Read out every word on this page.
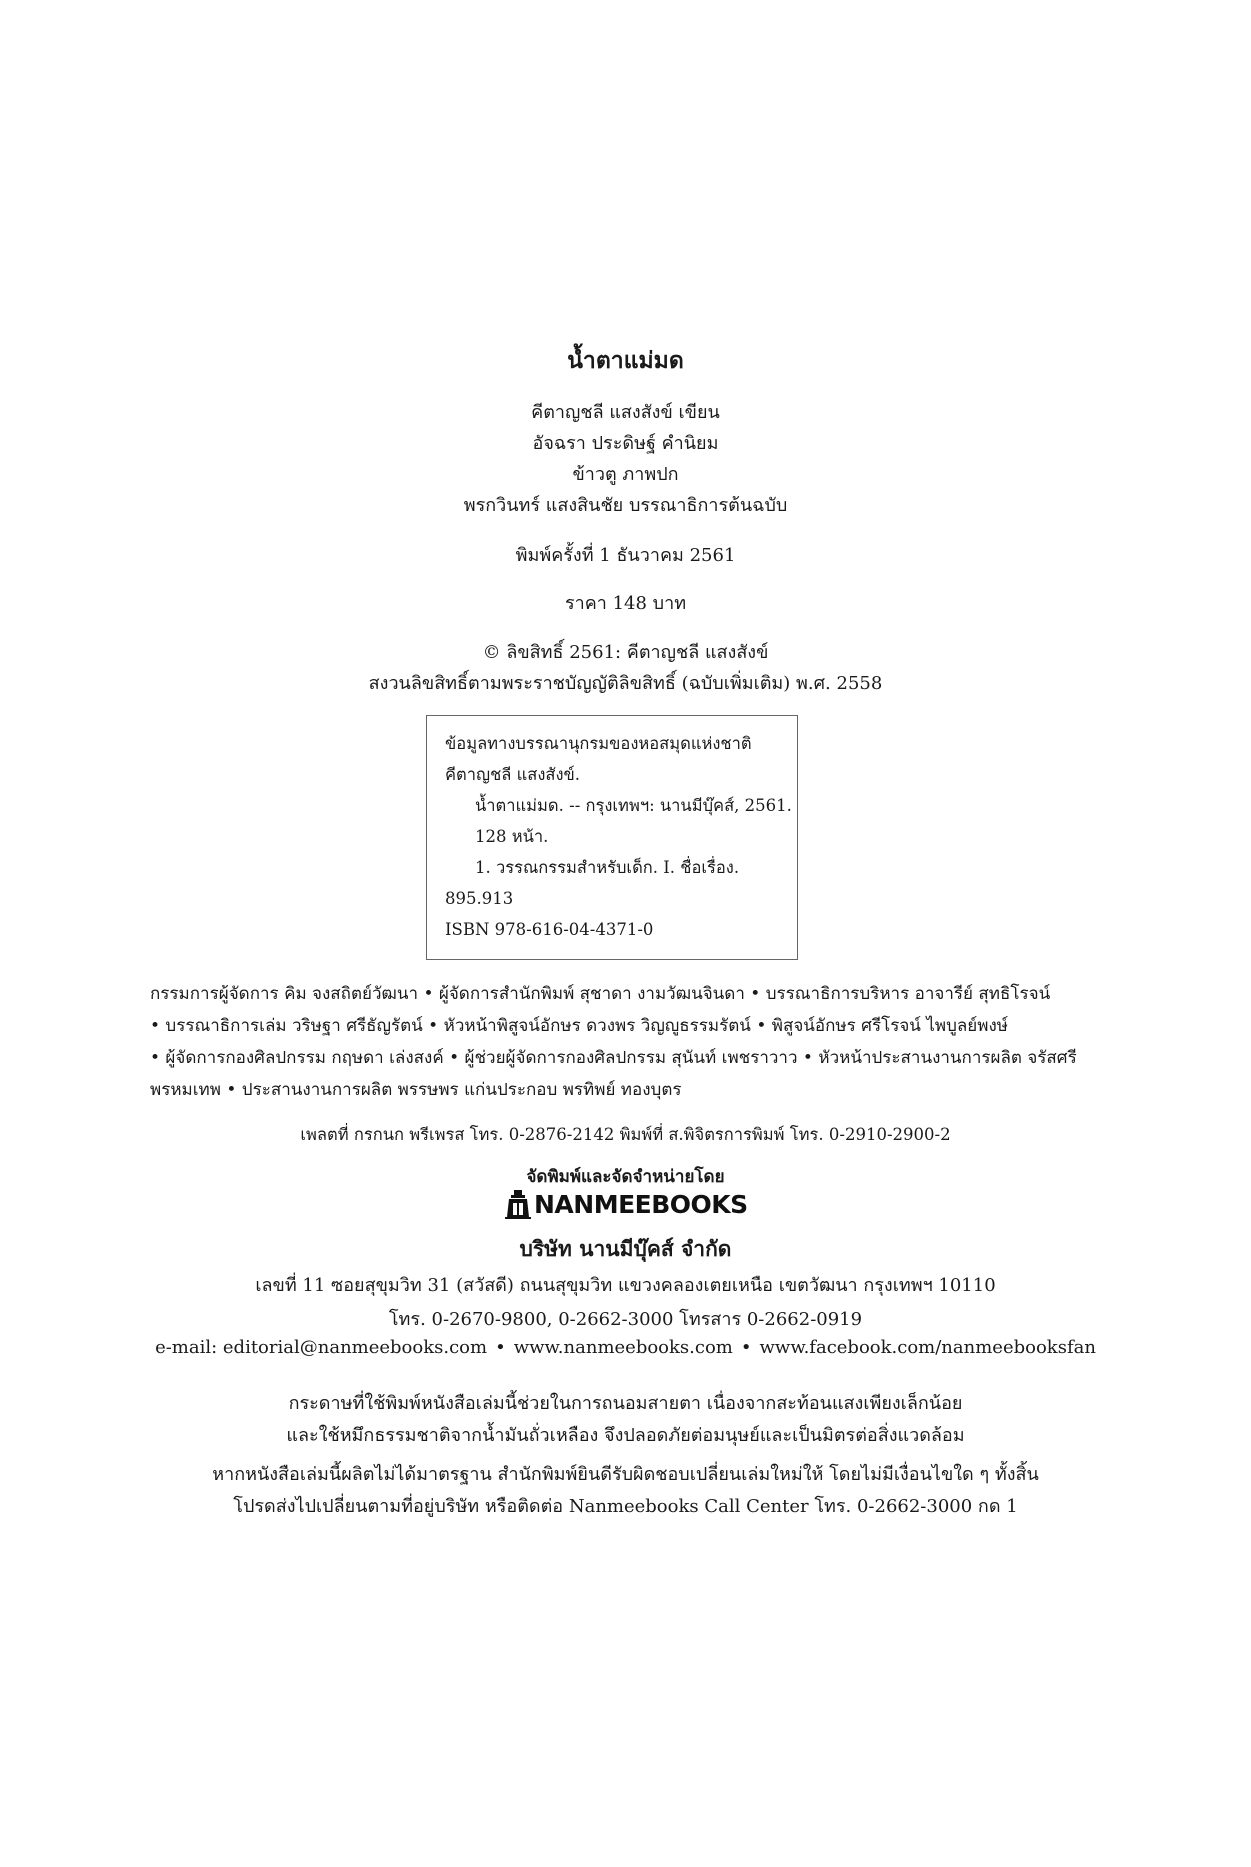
น้ำตาแม่มด
คีตาญชลี แสงสังข์ เขียน
อัจฉรา ประดิษฐ์ คำนิยม
ข้าวตู ภาพปก
พรกวินทร์ แสงสินชัย บรรณาธิการต้นฉบับ
พิมพ์ครั้งที่ 1 ธันวาคม 2561
ราคา 148 บาท
© ลิขสิทธิ์ 2561: คีตาญชลี แสงสังข์
สงวนลิขสิทธิ์ตามพระราชบัญญัติลิขสิทธิ์ (ฉบับเพิ่มเติม) พ.ศ. 2558
ข้อมูลทางบรรณานุกรมของหอสมุดแห่งชาติ
คีตาญชลี แสงสังข์.
น้ำตาแม่มด. -- กรุงเทพฯ: นานมีบุ๊คส์, 2561.
128 หน้า.
1. วรรณกรรมสำหรับเด็ก. I. ชื่อเรื่อง.
895.913
ISBN 978-616-04-4371-0
กรรมการผู้จัดการ คิม จงสถิตย์วัฒนา • ผู้จัดการสำนักพิมพ์ สุชาดา งามวัฒนจินดา • บรรณาธิการบริหาร อาจารีย์ สุทธิโรจน์
• บรรณาธิการเล่ม วริษฐา ศรีธัญรัตน์ • หัวหน้าพิสูจน์อักษร ดวงพร วิญญูธรรมรัตน์ • พิสูจน์อักษร ศรีโรจน์ ไพบูลย์พงษ์
• ผู้จัดการกองศิลปกรรม กฤษดา เล่งสงค์ • ผู้ช่วยผู้จัดการกองศิลปกรรม สุนันท์ เพชราวาว • หัวหน้าประสานงานการผลิต จรัสศรี
พรหมเทพ • ประสานงานการผลิต พรรษพร แก่นประกอบ พรทิพย์ ทองบุตร
เพลตที่ กรกนก พรีเพรส โทร. 0-2876-2142 พิมพ์ที่ ส.พิจิตรการพิมพ์ โทร. 0-2910-2900-2
จัดพิมพ์และจัดจำหน่ายโดย
NANMEEBOOKS
บริษัท นานมีบุ๊คส์ จำกัด
เลขที่ 11 ซอยสุขุมวิท 31 (สวัสดี) ถนนสุขุมวิท แขวงคลองเตยเหนือ เขตวัฒนา กรุงเทพฯ 10110
โทร. 0-2670-9800, 0-2662-3000 โทรสาร 0-2662-0919
e-mail: editorial@nanmeebooks.com • www.nanmeebooks.com • www.facebook.com/nanmeebooksfan
กระดาษที่ใช้พิมพ์หนังสือเล่มนี้ช่วยในการถนอมสายตา เนื่องจากสะท้อนแสงเพียงเล็กน้อย
และใช้หมึกธรรมชาติจากน้ำมันถั่วเหลือง จึงปลอดภัยต่อมนุษย์และเป็นมิตรต่อสิ่งแวดล้อม
หากหนังสือเล่มนี้ผลิตไม่ได้มาตรฐาน สำนักพิมพ์ยินดีรับผิดชอบเปลี่ยนเล่มใหม่ให้ โดยไม่มีเงื่อนไขใด ๆ ทั้งสิ้น
โปรดส่งไปเปลี่ยนตามที่อยู่บริษัท หรือติดต่อ Nanmeebooks Call Center โทร. 0-2662-3000 กด 1
